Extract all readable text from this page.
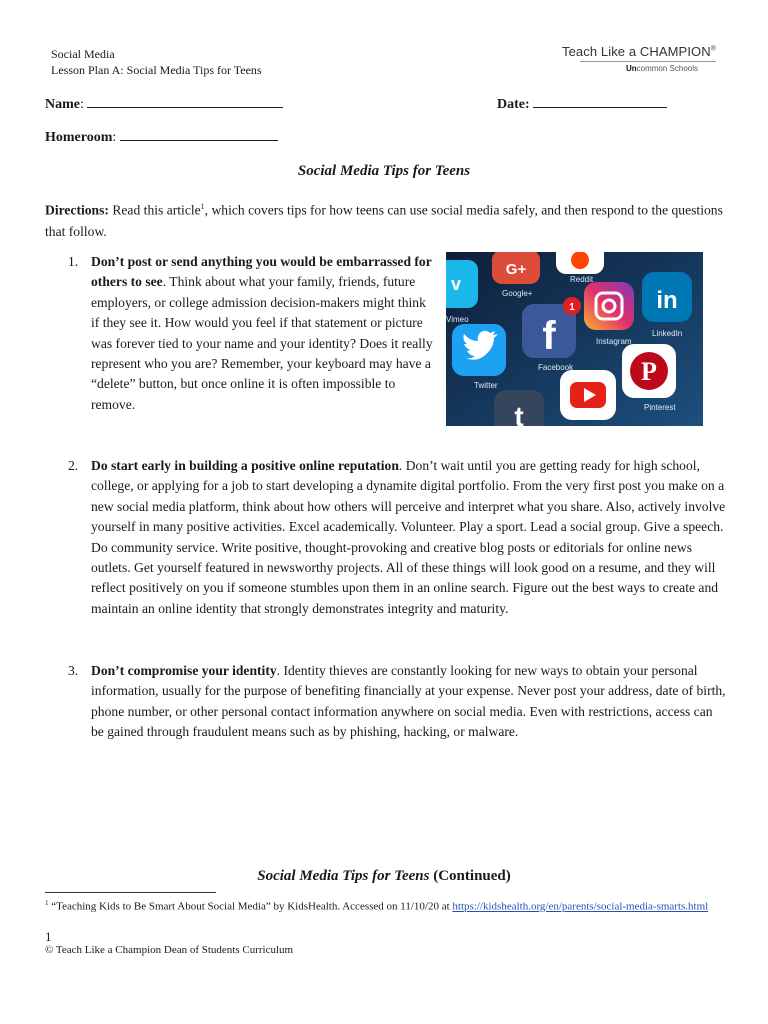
Social Media
Lesson Plan A: Social Media Tips for Teens
Teach Like a CHAMPION®
Uncommon Schools
Name:	Date:
Homeroom:
Social Media Tips for Teens
Directions: Read this article$^1$, which covers tips for how teens can use social media safely, and then respond to the questions that follow.
1. Don’t post or send anything you would be embarrassed for others to see. Think about what your family, friends, future employers, or college admission decision-makers might think if they see it. How would you feel if that statement or picture was forever tied to your name and your identity? Does it really represent who you are? Remember, your keyboard may have a “delete” button, but once online it is often impossible to remove.
G+
Google+
Reddit
v
Vimeo
Instagram
in
LinkedIn
f
1
Facebook
Twitter	P
Pinterest
t
2. Do start early in building a positive online reputation. Don’t wait until you are getting ready for high school, college, or applying for a job to start developing a dynamite digital portfolio. From the very first post you make on a new social media platform, think about how others will perceive and interpret what you share. Also, actively involve yourself in many positive activities. Excel academically. Volunteer. Play a sport. Lead a social group. Give a speech. Do community service. Write positive, thought-provoking and creative blog posts or editorials for online news outlets. Get yourself featured in newsworthy projects. All of these things will look good on a resume, and they will reflect positively on you if someone stumbles upon them in an online search. Figure out the best ways to create and maintain an online identity that strongly demonstrates integrity and maturity.
3. Don’t compromise your identity. Identity thieves are constantly looking for new ways to obtain your personal information, usually for the purpose of benefiting financially at your expense. Never post your address, date of birth, phone number, or other personal contact information anywhere on social media. Even with restrictions, access can be gained through fraudulent means such as by phishing, hacking, or malware.
Social Media Tips for Teens (Continued)
$^1$ “Teaching Kids to Be Smart About Social Media” by KidsHealth. Accessed on 11/10/20 at https://kidshealth.org/en/parents/social-media-smarts.html
1
© Teach Like a Champion Dean of Students Curriculum
